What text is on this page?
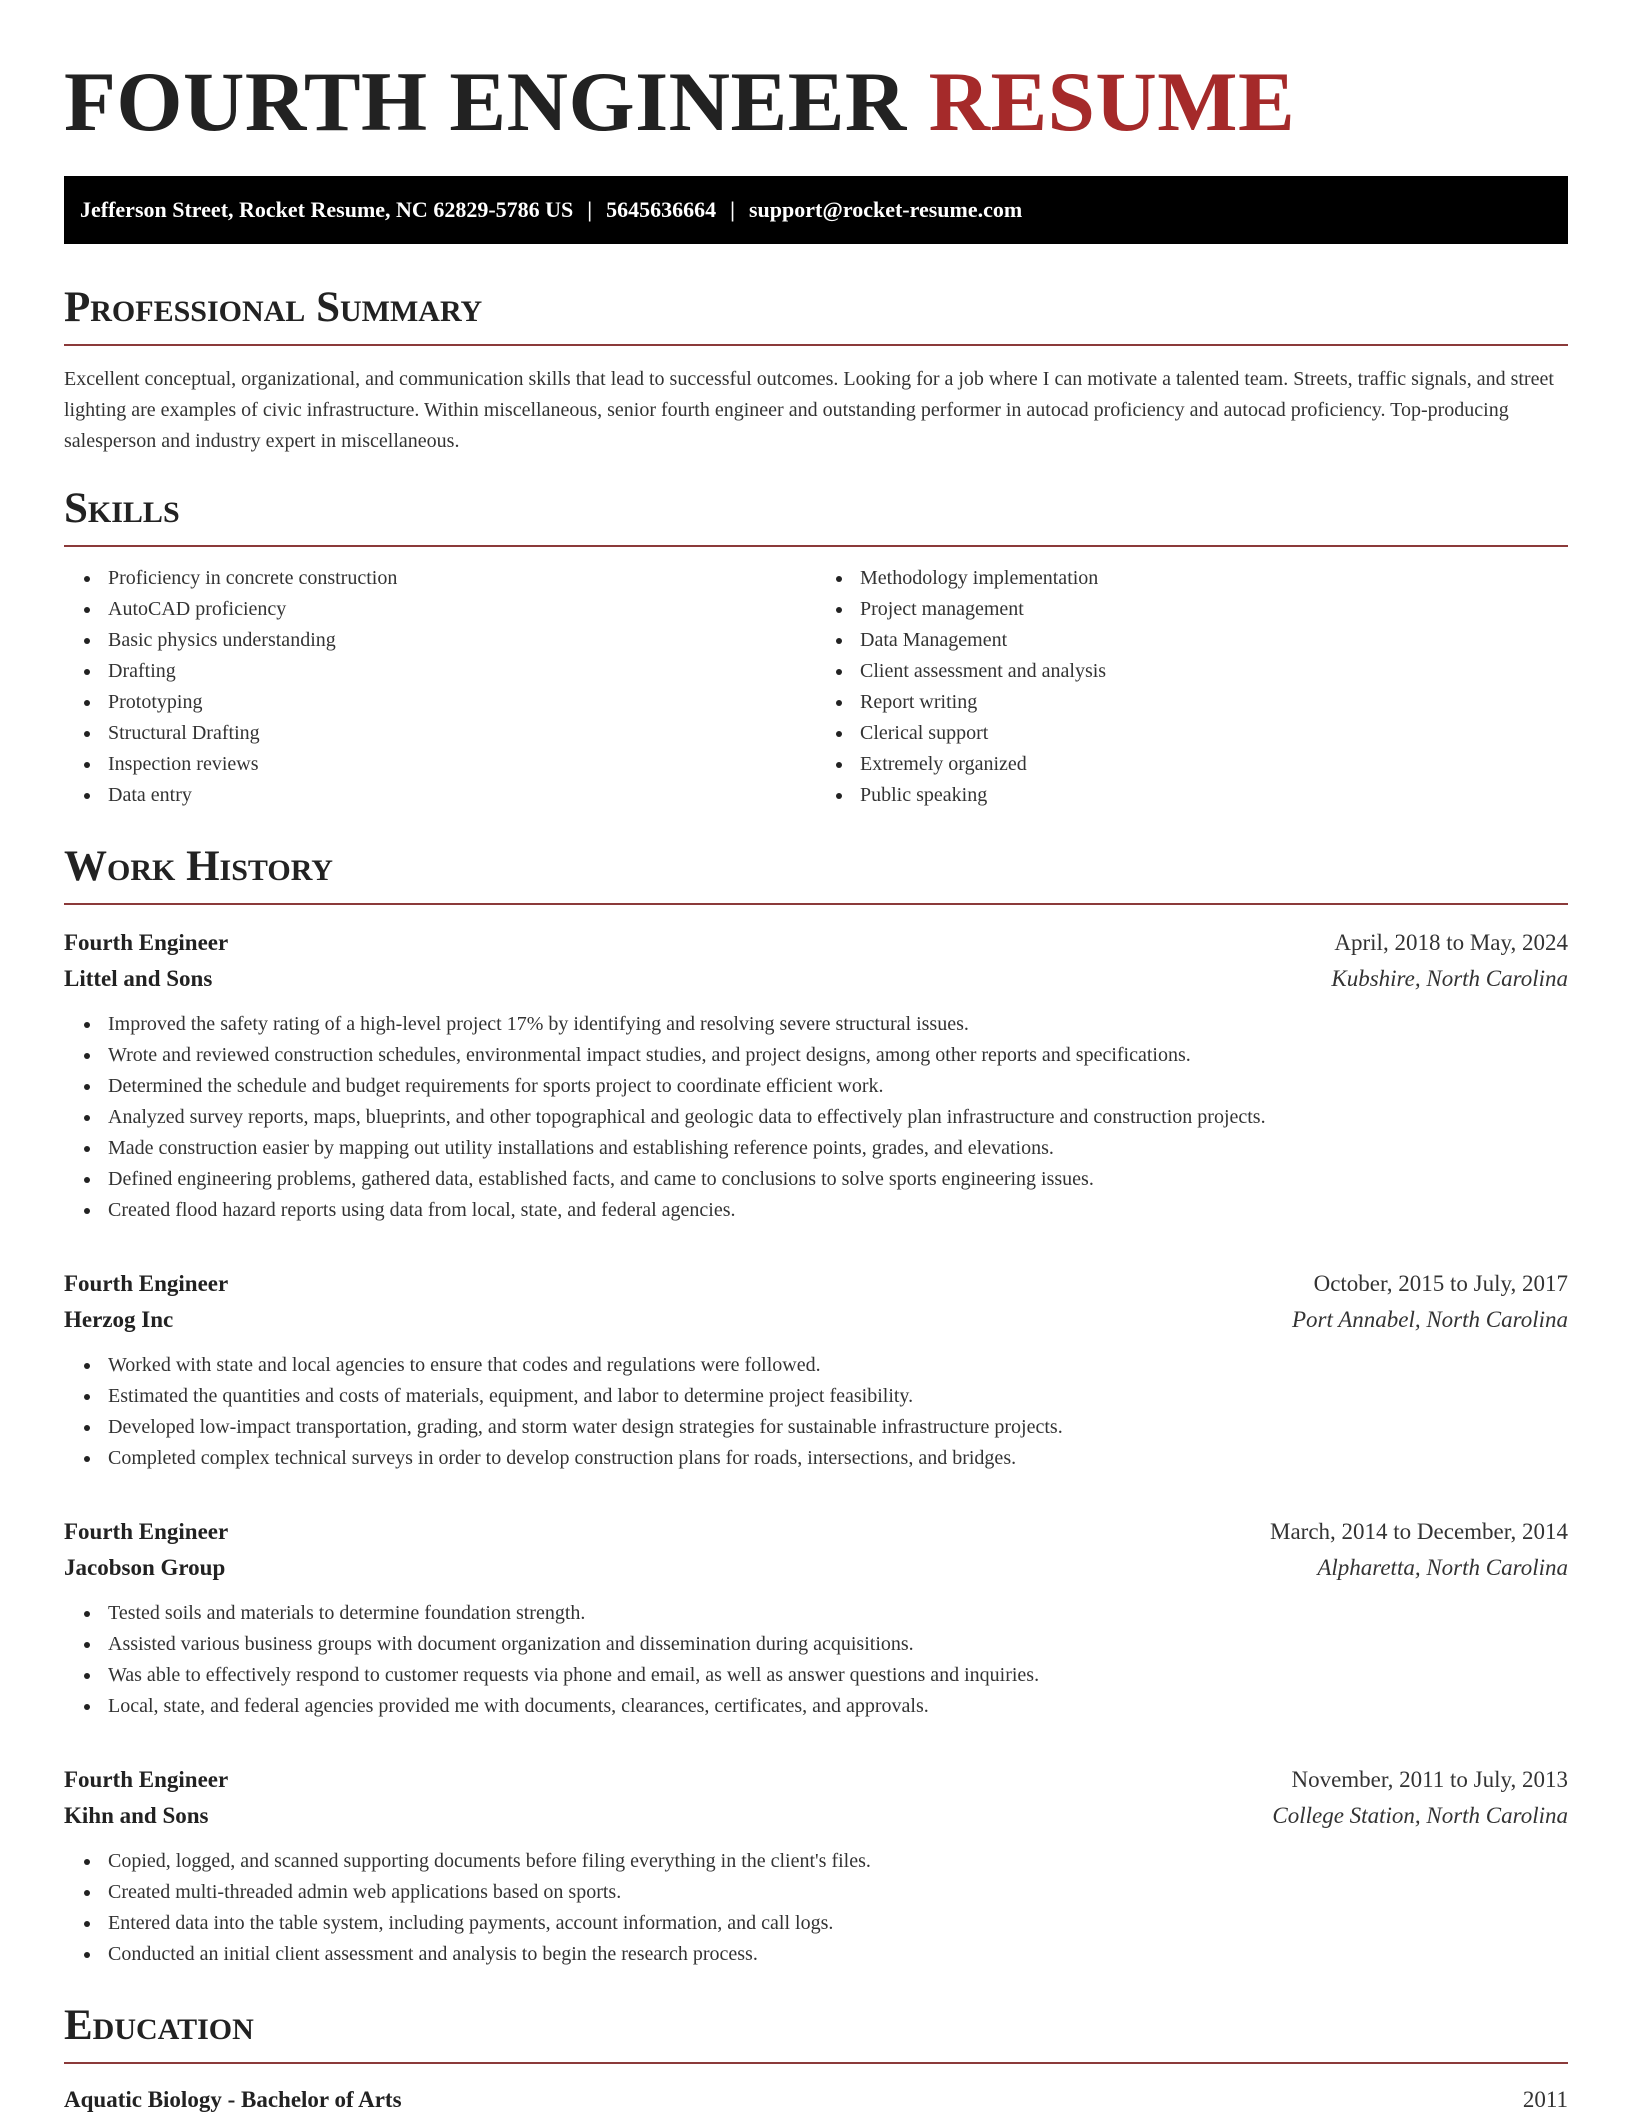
FOURTH ENGINEER RESUME
Jefferson Street, Rocket Resume, NC 62829-5786 US | 5645636664 | support@rocket-resume.com
Professional Summary

Excellent conceptual, organizational, and communication skills that lead to successful outcomes. Looking for a job where I can motivate a talented team. Streets, traffic signals, and street lighting are examples of civic infrastructure. Within miscellaneous, senior fourth engineer and outstanding performer in autocad proficiency and autocad proficiency. Top-producing salesperson and industry expert in miscellaneous.

Skills
Proficiency in concrete construction
AutoCAD proficiency
Basic physics understanding
Drafting
Prototyping
Structural Drafting
Inspection reviews
Data entry
Methodology implementation
Project management
Data Management
Client assessment and analysis
Report writing
Clerical support
Extremely organized
Public speaking
Work History
Fourth Engineer	April, 2018 to May, 2024
Littel and Sons	Kubshire, North Carolina
Improved the safety rating of a high-level project 17% by identifying and resolving severe structural issues.
Wrote and reviewed construction schedules, environmental impact studies, and project designs, among other reports and specifications.
Determined the schedule and budget requirements for sports project to coordinate efficient work.
Analyzed survey reports, maps, blueprints, and other topographical and geologic data to effectively plan infrastructure and construction projects.
Made construction easier by mapping out utility installations and establishing reference points, grades, and elevations.
Defined engineering problems, gathered data, established facts, and came to conclusions to solve sports engineering issues.
Created flood hazard reports using data from local, state, and federal agencies.
Fourth Engineer	October, 2015 to July, 2017
Herzog Inc	Port Annabel, North Carolina
Worked with state and local agencies to ensure that codes and regulations were followed.
Estimated the quantities and costs of materials, equipment, and labor to determine project feasibility.
Developed low-impact transportation, grading, and storm water design strategies for sustainable infrastructure projects.
Completed complex technical surveys in order to develop construction plans for roads, intersections, and bridges.
Fourth Engineer	March, 2014 to December, 2014
Jacobson Group	Alpharetta, North Carolina
Tested soils and materials to determine foundation strength.
Assisted various business groups with document organization and dissemination during acquisitions.
Was able to effectively respond to customer requests via phone and email, as well as answer questions and inquiries.
Local, state, and federal agencies provided me with documents, clearances, certificates, and approvals.
Fourth Engineer	November, 2011 to July, 2013
Kihn and Sons	College Station, North Carolina
Copied, logged, and scanned supporting documents before filing everything in the client's files.
Created multi-threaded admin web applications based on sports.
Entered data into the table system, including payments, account information, and call logs.
Conducted an initial client assessment and analysis to begin the research process.
Education
Aquatic Biology - Bachelor of Arts	2011
